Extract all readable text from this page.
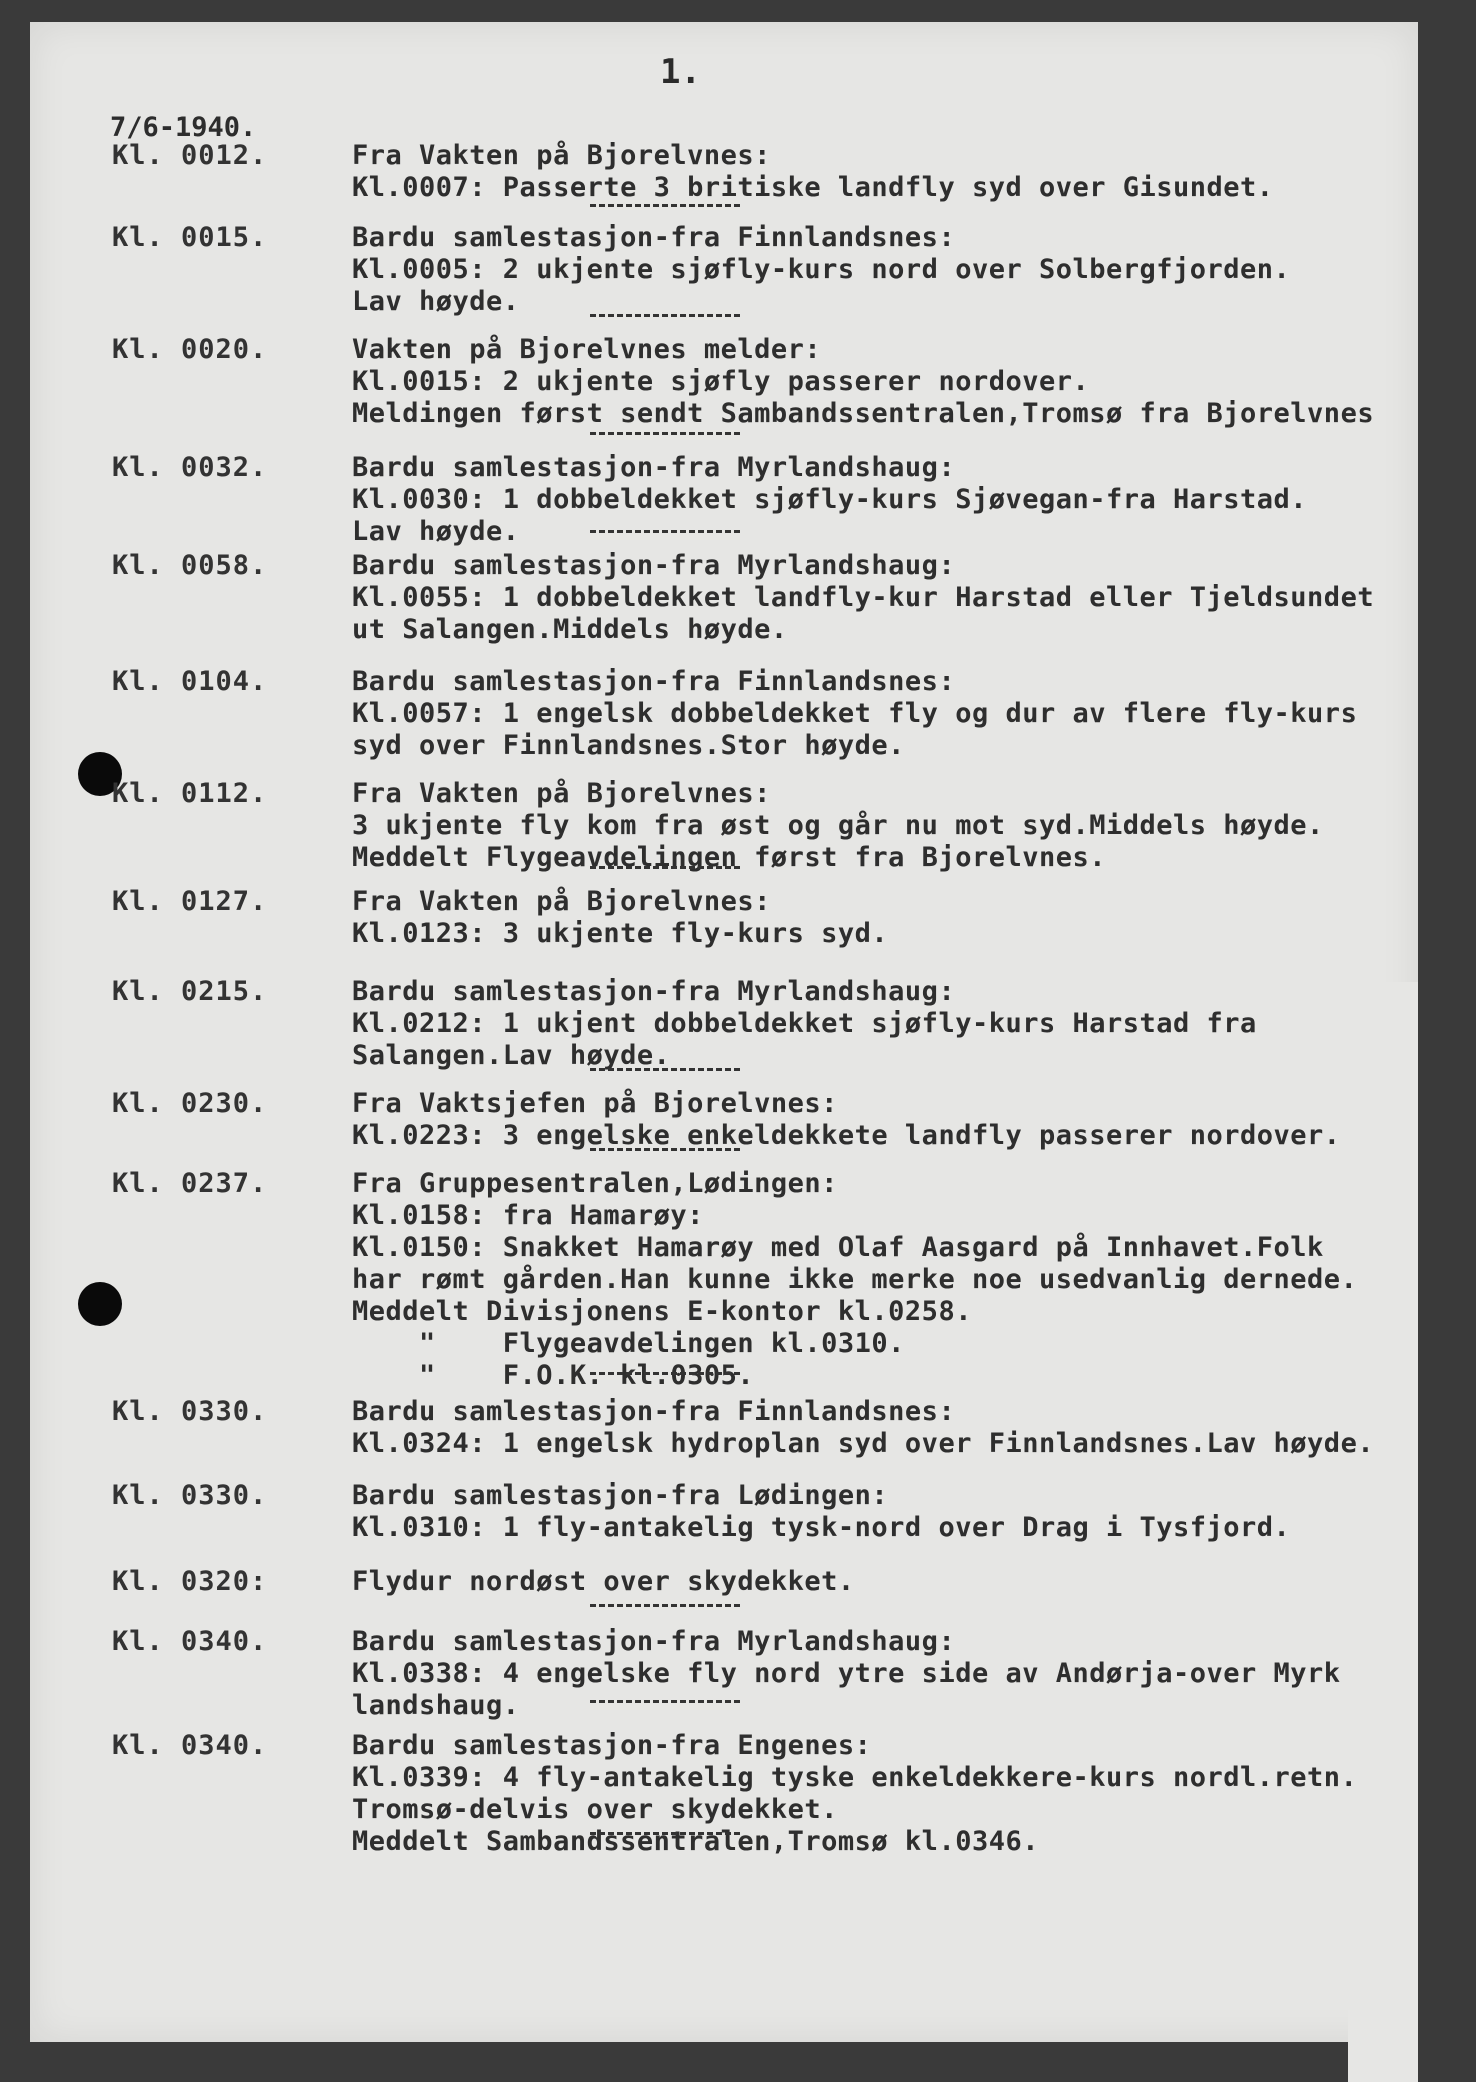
1.
7/6-1940.
Kl. 0012.	Fra Vakten på Bjorelvnes:
Kl.0007: Passerte 3 britiske landfly syd over Gisundet.
Kl. 0015.	Bardu samlestasjon-fra Finnlandsnes:
Kl.0005: 2 ukjente sjøfly-kurs nord over Solbergfjorden.
Lav høyde.
Kl. 0020.	Vakten på Bjorelvnes melder:
Kl.0015: 2 ukjente sjøfly passerer nordover.
Meldingen først sendt Sambandssentralen,Tromsø fra Bjorelvnes
Kl. 0032.	Bardu samlestasjon-fra Myrlandshaug:
Kl.0030: 1 dobbeldekket sjøfly-kurs Sjøvegan-fra Harstad.
Lav høyde.
Kl. 0058.	Bardu samlestasjon-fra Myrlandshaug:
Kl.0055: 1 dobbeldekket landfly-kur Harstad eller Tjeldsundet
ut Salangen.Middels høyde.
Kl. 0104.	Bardu samlestasjon-fra Finnlandsnes:
Kl.0057: 1 engelsk dobbeldekket fly og dur av flere fly-kurs
syd over Finnlandsnes.Stor høyde.
Kl. 0112.	Fra Vakten på Bjorelvnes:
3 ukjente fly kom fra øst og går nu mot syd.Middels høyde.
Meddelt Flygeavdelingen først fra Bjorelvnes.
Kl. 0127.	Fra Vakten på Bjorelvnes:
Kl.0123: 3 ukjente fly-kurs syd.
Kl. 0215.	Bardu samlestasjon-fra Myrlandshaug:
Kl.0212: 1 ukjent dobbeldekket sjøfly-kurs Harstad fra
Salangen.Lav høyde.
Kl. 0230.	Fra Vaktsjefen på Bjorelvnes:
Kl.0223: 3 engelske enkeldekkete landfly passerer nordover.
Kl. 0237.	Fra Gruppesentralen,Lødingen:
Kl.0158: fra Hamarøy:
Kl.0150: Snakket Hamarøy med Olaf Aasgard på Innhavet.Folk
har rømt gården.Han kunne ikke merke noe usedvanlig dernede.
Meddelt Divisjonens E-kontor kl.0258.
"    Flygeavdelingen kl.0310.
"    F.O.K. kl.0305.
Kl. 0330.	Bardu samlestasjon-fra Finnlandsnes:
Kl.0324: 1 engelsk hydroplan syd over Finnlandsnes.Lav høyde.
Kl. 0330.	Bardu samlestasjon-fra Lødingen:
Kl.0310: 1 fly-antakelig tysk-nord over Drag i Tysfjord.
Kl. 0320:	Flydur nordøst over skydekket.
Kl. 0340.	Bardu samlestasjon-fra Myrlandshaug:
Kl.0338: 4 engelske fly nord ytre side av Andørja-over Myrk
landshaug.
Kl. 0340.	Bardu samlestasjon-fra Engenes:
Kl.0339: 4 fly-antakelig tyske enkeldekkere-kurs nordl.retn.
Tromsø-delvis over skydekket.
Meddelt Sambandssentralen,Tromsø kl.0346.
